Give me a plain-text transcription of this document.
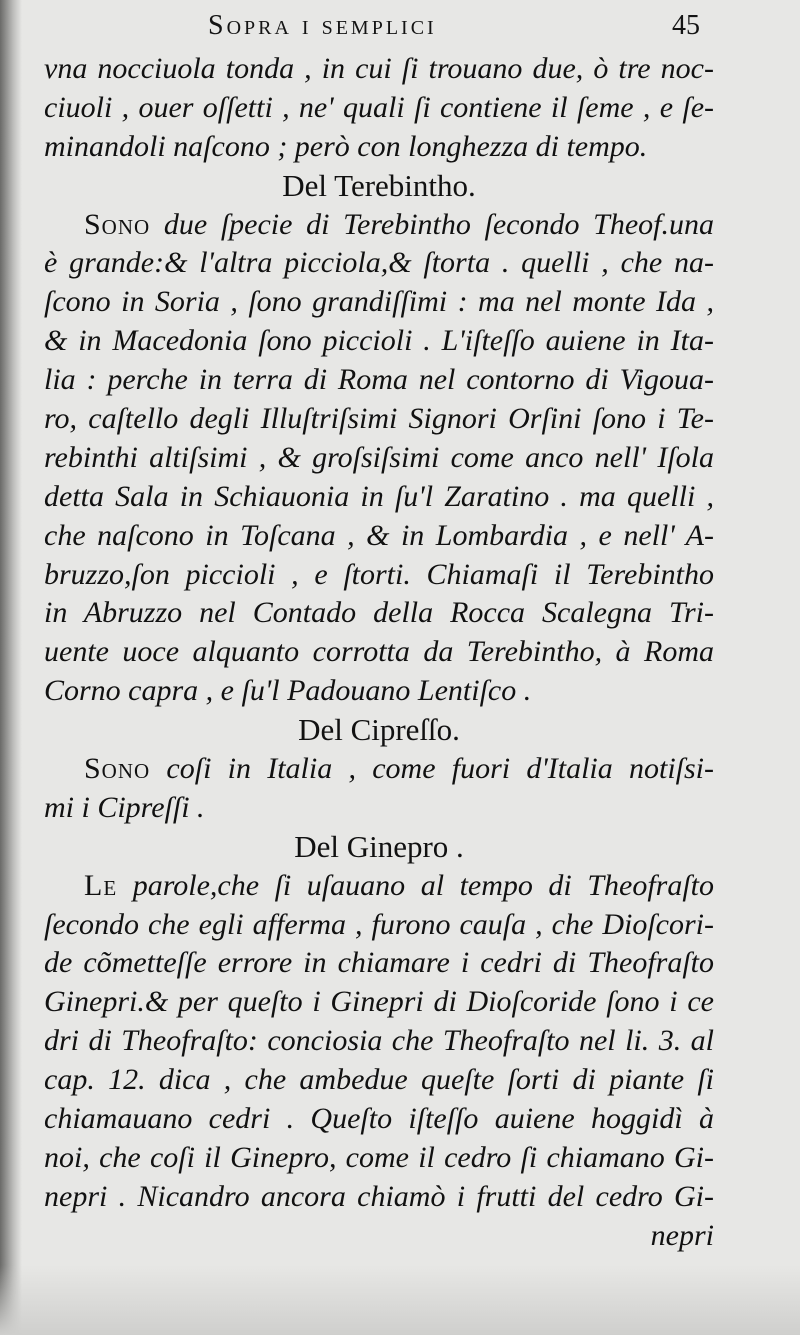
Sopra i semplici	45
vna nocciuola tonda , in cui ſi trouano due, ò tre noc-
ciuoli , ouer oſſetti , ne' quali ſi contiene il ſeme , e ſe-
minandoli naſcono ; però con longhezza di tempo.
Del Terebintho.
Sono due ſpecie di Terebintho ſecondo Theof.una
è grande:& l'altra picciola,& ſtorta . quelli , che na-
ſcono in Soria , ſono grandiſſimi : ma nel monte Ida ,
& in Macedonia ſono piccioli . L'iſteſſo auiene in Ita-
lia : perche in terra di Roma nel contorno di Vigoua-
ro, caſtello degli Illuſtriſsimi Signori Orſini ſono i Te-
rebinthi altiſsimi , & groſsiſsimi come anco nell' Iſola
detta Sala in Schiauonia in ſu'l Zaratino . ma quelli ,
che naſcono in Toſcana , & in Lombardia , e nell' A-
bruzzo,ſon piccioli , e ſtorti. Chiamaſi il Terebintho
in Abruzzo nel Contado della Rocca Scalegna Tri-
uente uoce alquanto corrotta da Terebintho, à Roma
Corno capra , e ſu'l Padouano Lentiſco .
Del Cipreſſo.
Sono coſi in Italia , come fuori d'Italia notiſsi-
mi i Cipreſſi .
Del Ginepro .
Le parole,che ſi uſauano al tempo di Theofraſto
ſecondo che egli afferma , furono cauſa , che Dioſcori-
de cõmetteſſe errore in chiamare i cedri di Theofraſto
Ginepri.& per queſto i Ginepri di Dioſcoride ſono i ce
dri di Theofraſto: conciosia che Theofraſto nel li. 3. al
cap. 12. dica , che ambedue queſte ſorti di piante ſi
chiamauano cedri . Queſto iſteſſo auiene hoggidì à
noi, che coſi il Ginepro, come il cedro ſi chiamano Gi-
nepri . Nicandro ancora chiamò i frutti del cedro Gi-
nepri
